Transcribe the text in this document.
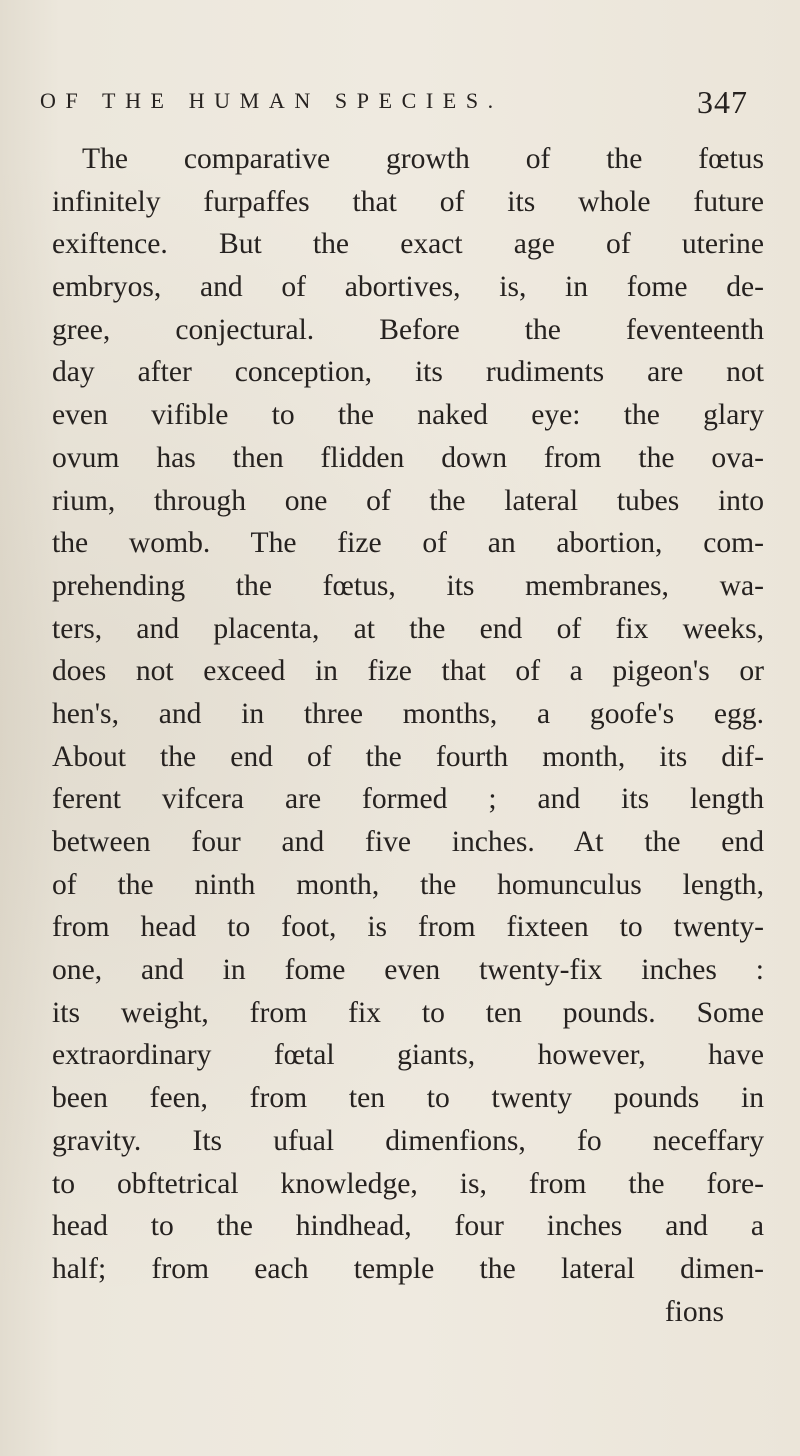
OF THE HUMAN SPECIES.	347
The comparative growth of the fœtus
infinitely furpaffes that of its whole future
exiftence. But the exact age of uterine
embryos, and of abortives, is, in fome de-
gree, conjectural. Before the feventeenth
day after conception, its rudiments are not
even vifible to the naked eye: the glary
ovum has then flidden down from the ova-
rium, through one of the lateral tubes into
the womb. The fize of an abortion, com-
prehending the fœtus, its membranes, wa-
ters, and placenta, at the end of fix weeks,
does not exceed in fize that of a pigeon's or
hen's, and in three months, a goofe's egg.
About the end of the fourth month, its dif-
ferent vifcera are formed ; and its length
between four and five inches. At the end
of the ninth month, the homunculus length,
from head to foot, is from fixteen to twenty-
one, and in fome even twenty-fix inches :
its weight, from fix to ten pounds. Some
extraordinary fœtal giants, however, have
been feen, from ten to twenty pounds in
gravity. Its ufual dimenfions, fo neceffary
to obftetrical knowledge, is, from the fore-
head to the hindhead, four inches and a
half; from each temple the lateral dimen-
fions
